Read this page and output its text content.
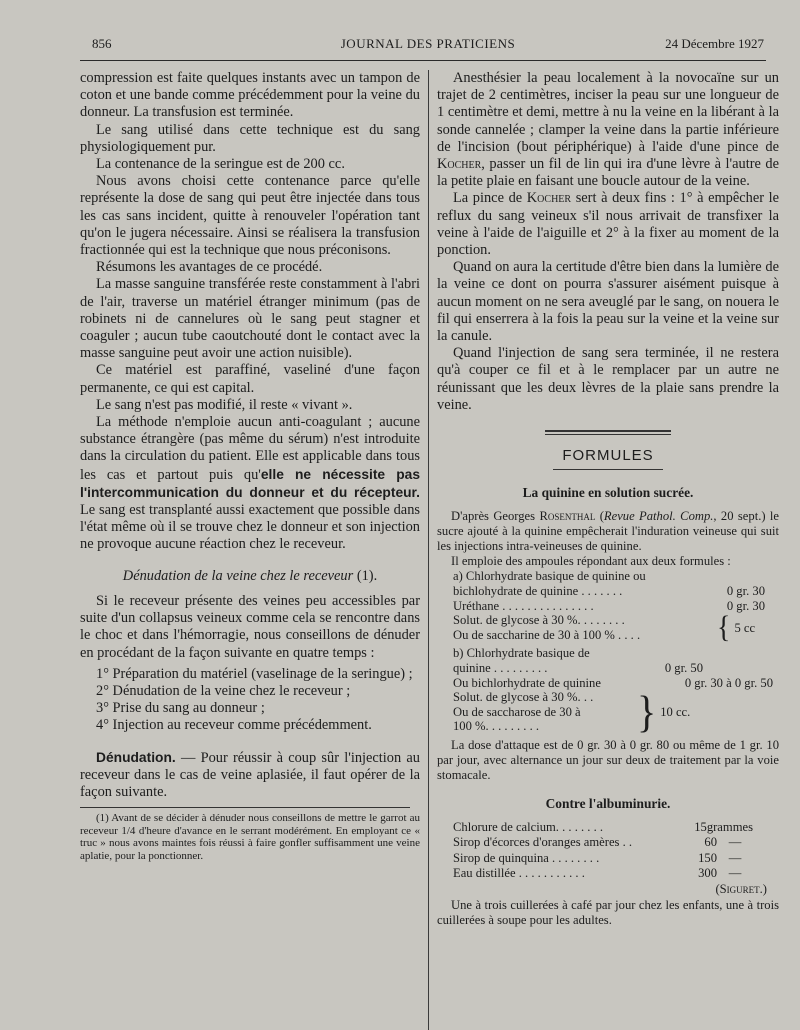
856	JOURNAL DES PRATICIENS	24 Décembre 1927

compression est faite quelques instants avec un tampon de coton et une bande comme précédemment pour la veine du donneur. La transfusion est terminée.

Le sang utilisé dans cette technique est du sang physiologiquement pur.

La contenance de la seringue est de 200 cc.

Nous avons choisi cette contenance parce qu'elle représente la dose de sang qui peut être injectée dans tous les cas sans incident, quitte à renouveler l'opération tant qu'on le jugera nécessaire. Ainsi se réalisera la transfusion fractionnée qui est la technique que nous préconisons.

Résumons les avantages de ce procédé.

La masse sanguine transférée reste constamment à l'abri de l'air, traverse un matériel étranger minimum (pas de robinets ni de cannelures où le sang peut stagner et coaguler ; aucun tube caoutchouté dont le contact avec la masse sanguine peut avoir une action nuisible).

Ce matériel est paraffiné, vaseliné d'une façon permanente, ce qui est capital.

Le sang n'est pas modifié, il reste « vivant ».

La méthode n'emploie aucun anti-coagulant ; aucune substance étrangère (pas même du sérum) n'est introduite dans la circulation du patient. Elle est applicable dans tous les cas et partout puis qu'elle ne nécessite pas l'intercommunication du donneur et du récepteur. Le sang est transplanté aussi exactement que possible dans l'état même où il se trouve chez le donneur et son injection ne provoque aucune réaction chez le receveur.

Dénudation de la veine chez le receveur (1).

Si le receveur présente des veines peu accessibles par suite d'un collapsus veineux comme cela se rencontre dans le choc et dans l'hémorragie, nous conseillons de dénuder en procédant de la façon suivante en quatre temps :

1° Préparation du matériel (vaselinage de la seringue) ;

2° Dénudation de la veine chez le receveur ;

3° Prise du sang au donneur ;

4° Injection au receveur comme précédemment.

Dénudation. — Pour réussir à coup sûr l'injection au receveur dans le cas de veine aplasiée, il faut opérer de la façon suivante.

(1) Avant de se décider à dénuder nous conseillons de mettre le garrot au receveur 1/4 d'heure d'avance en le serrant modérément. En employant ce « truc » nous avons maintes fois réussi à faire gonfler suffisamment une veine aplatie, pour la ponctionner.

Anesthésier la peau localement à la novocaïne sur un trajet de 2 centimètres, inciser la peau sur une longueur de 1 centimètre et demi, mettre à nu la veine en la libérant à la sonde cannelée ; clamper la veine dans la partie inférieure de l'incision (bout périphérique) à l'aide d'une pince de Kocher, passer un fil de lin qui ira d'une lèvre à l'autre de la petite plaie en faisant une boucle autour de la veine.

La pince de Kocher sert à deux fins : 1° à empêcher le reflux du sang veineux s'il nous arrivait de transfixer la veine à l'aide de l'aiguille et 2° à la fixer au moment de la ponction.

Quand on aura la certitude d'être bien dans la lumière de la veine ce dont on pourra s'assurer aisément puisque à aucun moment on ne sera aveuglé par le sang, on nouera le fil qui enserrera à la fois la peau sur la veine et la veine sur la canule.

Quand l'injection de sang sera terminée, il ne restera qu'à couper ce fil et à le remplacer par un autre ne réunissant que les deux lèvres de la plaie sans prendre la veine.

FORMULES
La quinine en solution sucrée.

D'après Georges Rosenthal (Revue Pathol. Comp., 20 sept.) le sucre ajouté à la quinine empêcherait l'induration veineuse qui suit les injections intra-veineuses de quinine.

Il emploie des ampoules répondant aux deux formules :

a) Chlorhydrate basique de quinine ou
bichlohydrate de quinine . . . . . . .	0 gr. 30
Uréthane . . . . . . . . . . . . . . .	0 gr. 30
Solut. de glycose à 30 %. . . . . . . .
Ou de saccharine de 30 à 100 % . . . .	{ 5 cc
b) Chlorhydrate basique de
quinine . . . . . . . . .	0 gr. 50
Ou bichlorhydrate de quinine	0 gr. 30 à 0 gr. 50
Solut. de glycose à 30 %. . .
Ou de saccharose de 30 à
100 %. . . . . . . . .	} 10 cc.

La dose d'attaque est de 0 gr. 30 à 0 gr. 80 ou même de 1 gr. 10 par jour, avec alternance un jour sur deux de traitement par la voie stomacale.

Contre l'albuminurie.
Chlorure de calcium. . . . . . . .	15 grammes
Sirop d'écorces d'oranges amères . .	60 —
Sirop de quinquina . . . . . . . .	150 —
Eau distillée . . . . . . . . . . .	300 —
(Siguret.)

Une à trois cuillerées à café par jour chez les enfants, une à trois cuillerées à soupe pour les adultes.
